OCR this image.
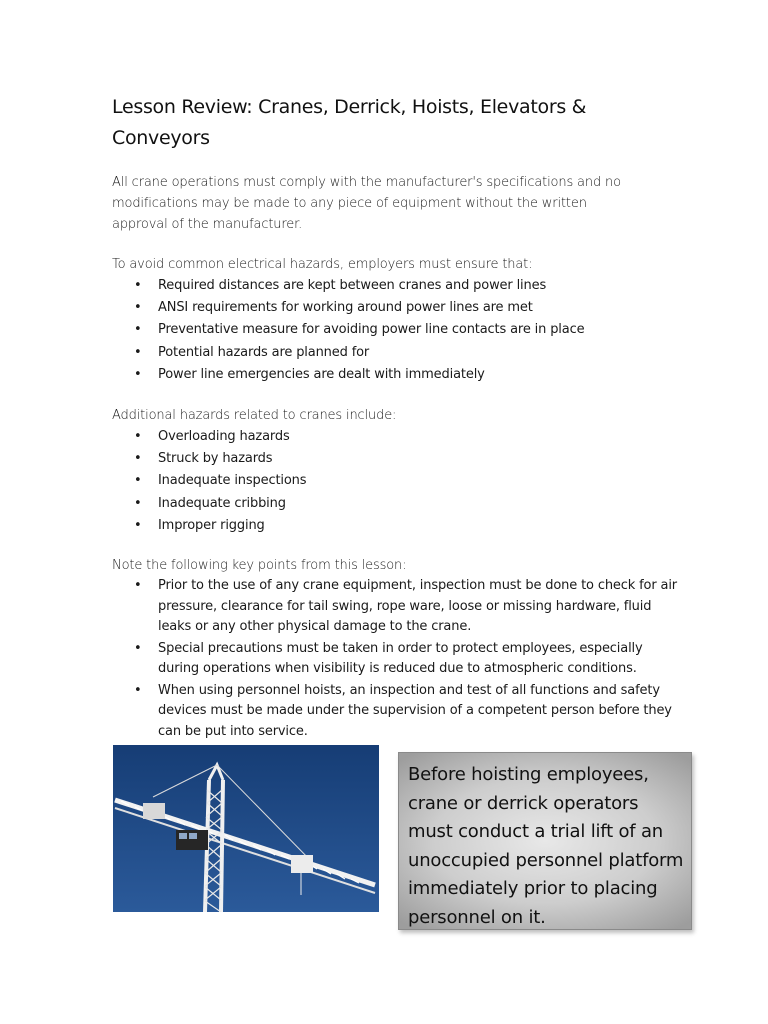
Lesson Review: Cranes, Derrick, Hoists, Elevators & Conveyors

All crane operations must comply with the manufacturer's specifications and no modifications may be made to any piece of equipment without the written approval of the manufacturer.

To avoid common electrical hazards, employers must ensure that:

• Required distances are kept between cranes and power lines
• ANSI requirements for working around power lines are met
• Preventative measure for avoiding power line contacts are in place
• Potential hazards are planned for
• Power line emergencies are dealt with immediately

Additional hazards related to cranes include:

• Overloading hazards
• Struck by hazards
• Inadequate inspections
• Inadequate cribbing
• Improper rigging

Note the following key points from this lesson:

• Prior to the use of any crane equipment, inspection must be done to check for air pressure, clearance for tail swing, rope ware, loose or missing hardware, fluid leaks or any other physical damage to the crane.
• Special precautions must be taken in order to protect employees, especially during operations when visibility is reduced due to atmospheric conditions.
• When using personnel hoists, an inspection and test of all functions and safety devices must be made under the supervision of a competent person before they can be put into service.

Before hoisting employees, crane or derrick operators must conduct a trial lift of an unoccupied personnel platform immediately prior to placing personnel on it.
